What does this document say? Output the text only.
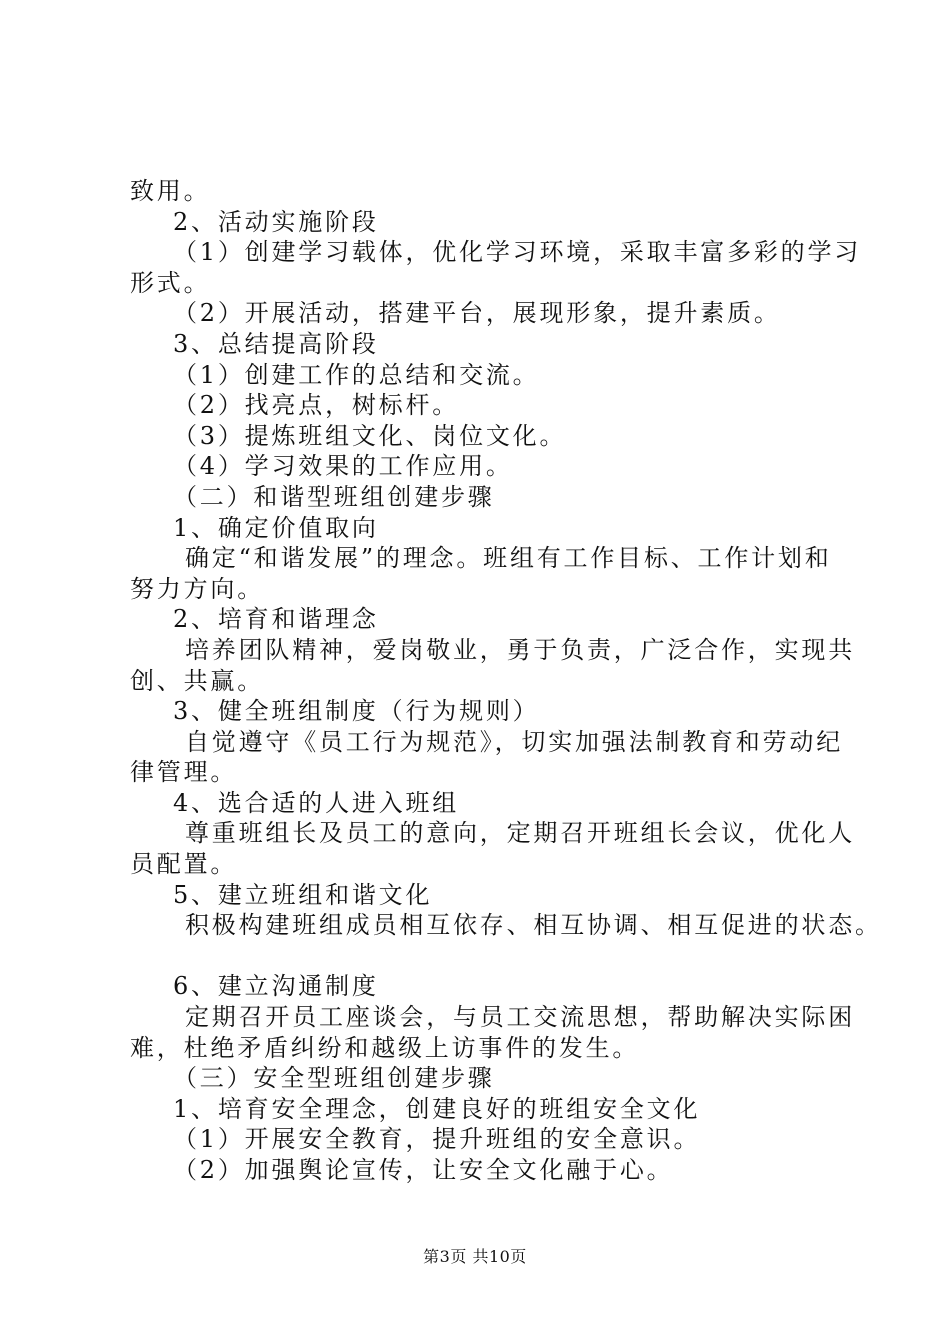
致用。
2、活动实施阶段
（1）创建学习载体，优化学习环境，采取丰富多彩的学习
形式。
（2）开展活动，搭建平台，展现形象，提升素质。
3、总结提高阶段
（1）创建工作的总结和交流。
（2）找亮点，树标杆。
（3）提炼班组文化、岗位文化。
（4）学习效果的工作应用。
（二）和谐型班组创建步骤
1、确定价值取向
确定“和谐发展”的理念。班组有工作目标、工作计划和
努力方向。
2、培育和谐理念
培养团队精神，爱岗敬业，勇于负责，广泛合作，实现共
创、共赢。
3、健全班组制度（行为规则）
自觉遵守《员工行为规范》，切实加强法制教育和劳动纪
律管理。
4、选合适的人进入班组
尊重班组长及员工的意向，定期召开班组长会议，优化人
员配置。
5、建立班组和谐文化
积极构建班组成员相互依存、相互协调、相互促进的状态。
6、建立沟通制度
定期召开员工座谈会，与员工交流思想，帮助解决实际困
难，杜绝矛盾纠纷和越级上访事件的发生。
（三）安全型班组创建步骤
1、培育安全理念，创建良好的班组安全文化
（1）开展安全教育，提升班组的安全意识。
（2）加强舆论宣传，让安全文化融于心。
第3页 共10页
